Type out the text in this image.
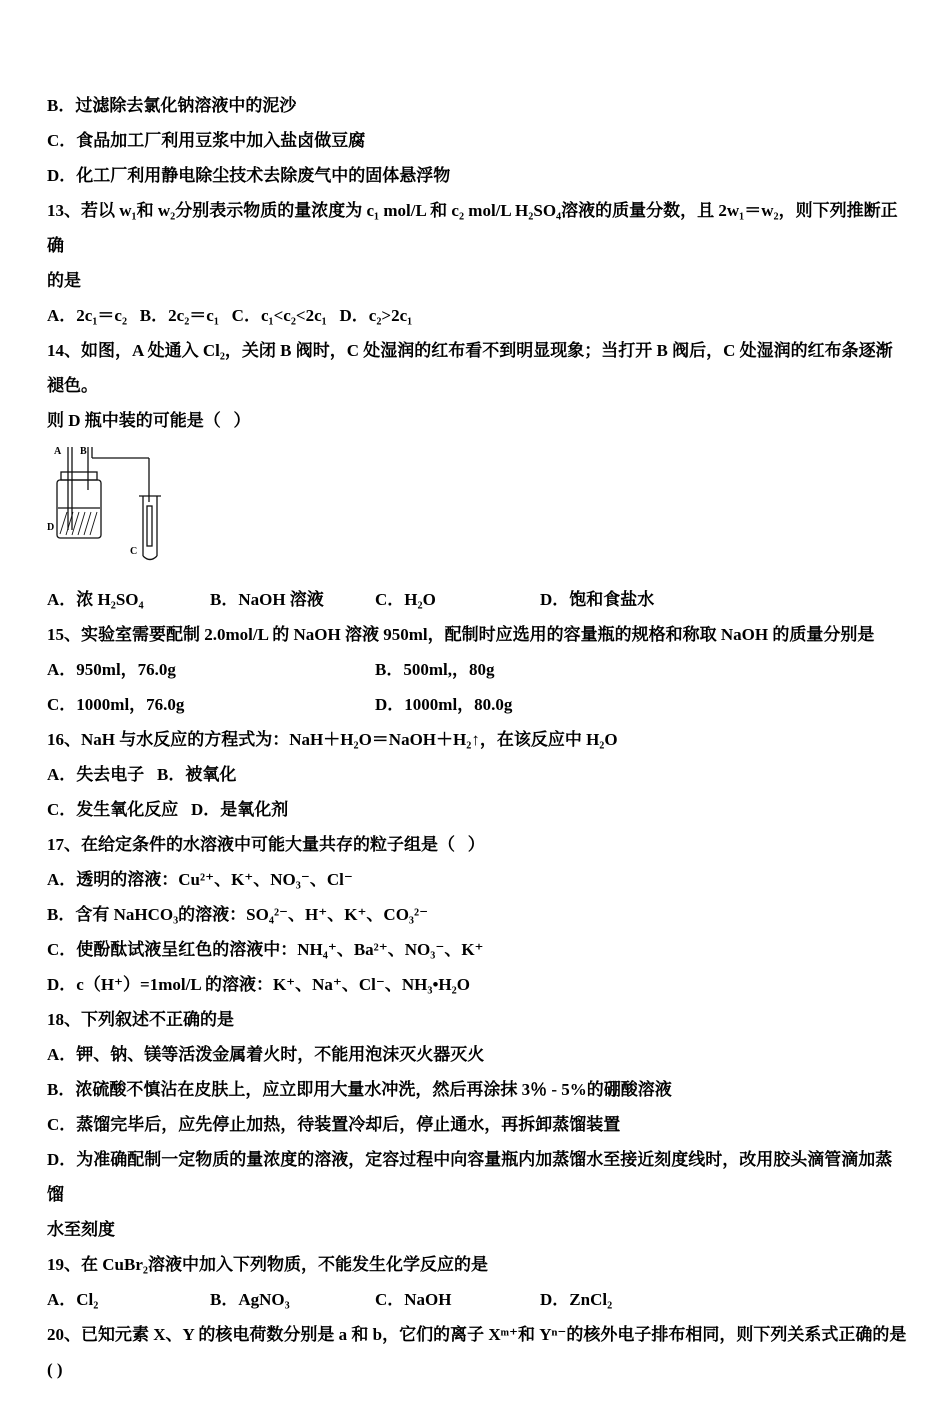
B．过滤除去氯化钠溶液中的泥沙

C．食品加工厂利用豆浆中加入盐卤做豆腐

D．化工厂利用静电除尘技术去除废气中的固体悬浮物

13、若以 w₁和 w₂分别表示物质的量浓度为 c₁ mol/L 和 c₂ mol/L H₂SO₄溶液的质量分数，且 2w₁＝w₂，则下列推断正确

的是

A．2c₁＝c₂   B．2c₂＝c₁   C．c₁<c₂<2c₁   D．c₂>2c₁

14、如图，A 处通入 Cl₂，关闭 B 阀时，C 处湿润的红布看不到明显现象；当打开 B 阀后，C 处湿润的红布条逐渐褪色。

则 D 瓶中装的可能是（   ）

A B
C
D
A．浓 H₂SO₄	B．NaOH 溶液	C．H₂O	D．饱和食盐水

15、实验室需要配制 2.0mol/L 的 NaOH 溶液 950ml，配制时应选用的容量瓶的规格和称取 NaOH 的质量分别是

A．950ml，76.0g	B．500ml,，80g
C．1000ml，76.0g	D．1000ml，80.0g

16、NaH 与水反应的方程式为：NaH＋H₂O＝NaOH＋H₂↑，在该反应中 H₂O

A．失去电子   B．被氧化

C．发生氧化反应   D．是氧化剂

17、在给定条件的水溶液中可能大量共存的粒子组是（   ）

A．透明的溶液：Cu²⁺、K⁺、NO₃⁻、Cl⁻

B．含有 NaHCO₃的溶液：SO₄²⁻、H⁺、K⁺、CO₃²⁻

C．使酚酞试液呈红色的溶液中：NH₄⁺、Ba²⁺、NO₃⁻、K⁺

D．c（H⁺）=1mol/L 的溶液：K⁺、Na⁺、Cl⁻、NH₃•H₂O

18、下列叙述不正确的是

A．钾、钠、镁等活泼金属着火时，不能用泡沫灭火器灭火

B．浓硫酸不慎沾在皮肤上，应立即用大量水冲洗，然后再涂抹 3％ - 5%的硼酸溶液

C．蒸馏完毕后，应先停止加热，待装置冷却后，停止通水，再拆卸蒸馏装置

D．为准确配制一定物质的量浓度的溶液，定容过程中向容量瓶内加蒸馏水至接近刻度线时，改用胶头滴管滴加蒸馏

水至刻度

19、在 CuBr₂溶液中加入下列物质，不能发生化学反应的是

A．Cl₂	B．AgNO₃	C．NaOH	D．ZnCl₂

20、已知元素 X、Y 的核电荷数分别是 a 和 b，它们的离子 Xᵐ⁺和 Yⁿ⁻的核外电子排布相同，则下列关系式正确的是( )
